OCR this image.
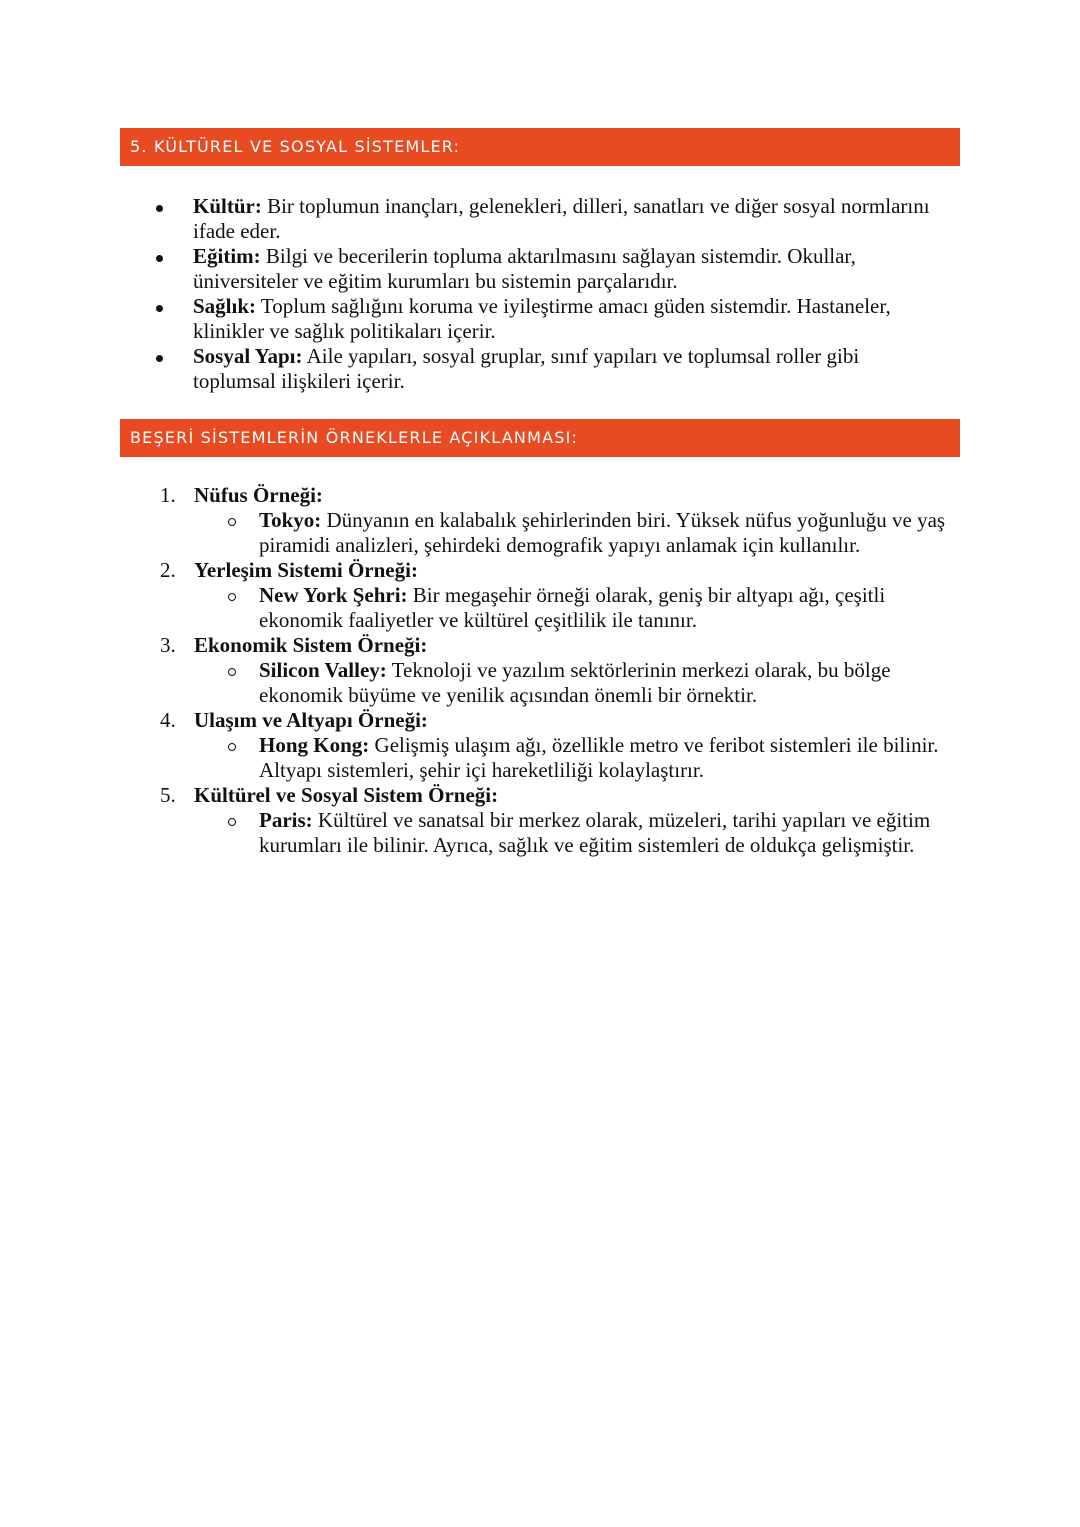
5. KÜLTÜREL VE SOSYAL SİSTEMLER:
Kültür: Bir toplumun inançları, gelenekleri, dilleri, sanatları ve diğer sosyal normlarını ifade eder.
Eğitim: Bilgi ve becerilerin topluma aktarılmasını sağlayan sistemdir. Okullar, üniversiteler ve eğitim kurumları bu sistemin parçalarıdır.
Sağlık: Toplum sağlığını koruma ve iyileştirme amacı güden sistemdir. Hastaneler, klinikler ve sağlık politikaları içerir.
Sosyal Yapı: Aile yapıları, sosyal gruplar, sınıf yapıları ve toplumsal roller gibi toplumsal ilişkileri içerir.
BEŞERİ SİSTEMLERİN ÖRNEKLERLE AÇIKLANMASI:
1. Nüfus Örneği:
Tokyo: Dünyanın en kalabalık şehirlerinden biri. Yüksek nüfus yoğunluğu ve yaş piramidi analizleri, şehirdeki demografik yapıyı anlamak için kullanılır.
2. Yerleşim Sistemi Örneği:
New York Şehri: Bir megaşehir örneği olarak, geniş bir altyapı ağı, çeşitli ekonomik faaliyetler ve kültürel çeşitlilik ile tanınır.
3. Ekonomik Sistem Örneği:
Silicon Valley: Teknoloji ve yazılım sektörlerinin merkezi olarak, bu bölge ekonomik büyüme ve yenilik açısından önemli bir örnektir.
4. Ulaşım ve Altyapı Örneği:
Hong Kong: Gelişmiş ulaşım ağı, özellikle metro ve feribot sistemleri ile bilinir. Altyapı sistemleri, şehir içi hareketliliği kolaylaştırır.
5. Kültürel ve Sosyal Sistem Örneği:
Paris: Kültürel ve sanatsal bir merkez olarak, müzeleri, tarihi yapıları ve eğitim kurumları ile bilinir. Ayrıca, sağlık ve eğitim sistemleri de oldukça gelişmiştir.
